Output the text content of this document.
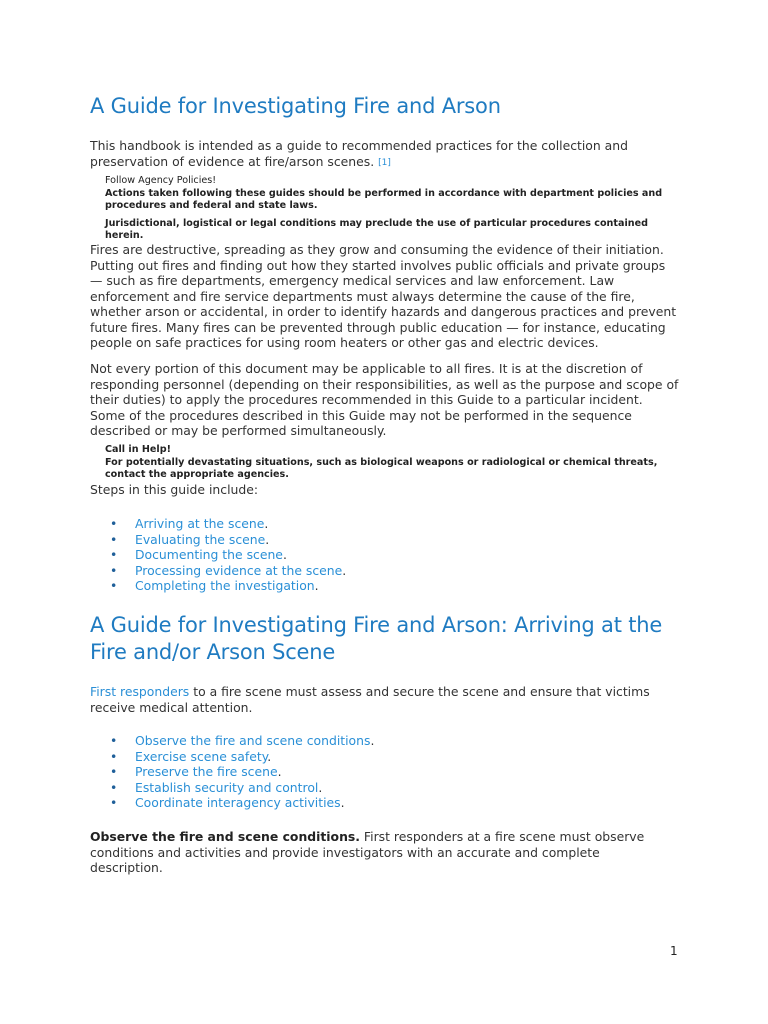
A Guide for Investigating Fire and Arson

This handbook is intended as a guide to recommended practices for the collection and preservation of evidence at fire/arson scenes. [1]

Follow Agency Policies!
Actions taken following these guides should be performed in accordance with department policies and procedures and federal and state laws.
Jurisdictional, logistical or legal conditions may preclude the use of particular procedures contained herein.

Fires are destructive, spreading as they grow and consuming the evidence of their initiation. Putting out fires and finding out how they started involves public officials and private groups — such as fire departments, emergency medical services and law enforcement. Law enforcement and fire service departments must always determine the cause of the fire, whether arson or accidental, in order to identify hazards and dangerous practices and prevent future fires. Many fires can be prevented through public education — for instance, educating people on safe practices for using room heaters or other gas and electric devices.

Not every portion of this document may be applicable to all fires. It is at the discretion of responding personnel (depending on their responsibilities, as well as the purpose and scope of their duties) to apply the procedures recommended in this Guide to a particular incident. Some of the procedures described in this Guide may not be performed in the sequence described or may be performed simultaneously.

Call in Help!
For potentially devastating situations, such as biological weapons or radiological or chemical threats, contact the appropriate agencies.

Steps in this guide include:

• Arriving at the scene.
• Evaluating the scene.
• Documenting the scene.
• Processing evidence at the scene.
• Completing the investigation.
A Guide for Investigating Fire and Arson: Arriving at the Fire and/or Arson Scene

First responders to a fire scene must assess and secure the scene and ensure that victims receive medical attention.

• Observe the fire and scene conditions.
• Exercise scene safety.
• Preserve the fire scene.
• Establish security and control.
• Coordinate interagency activities.

Observe the fire and scene conditions. First responders at a fire scene must observe conditions and activities and provide investigators with an accurate and complete description.

1
